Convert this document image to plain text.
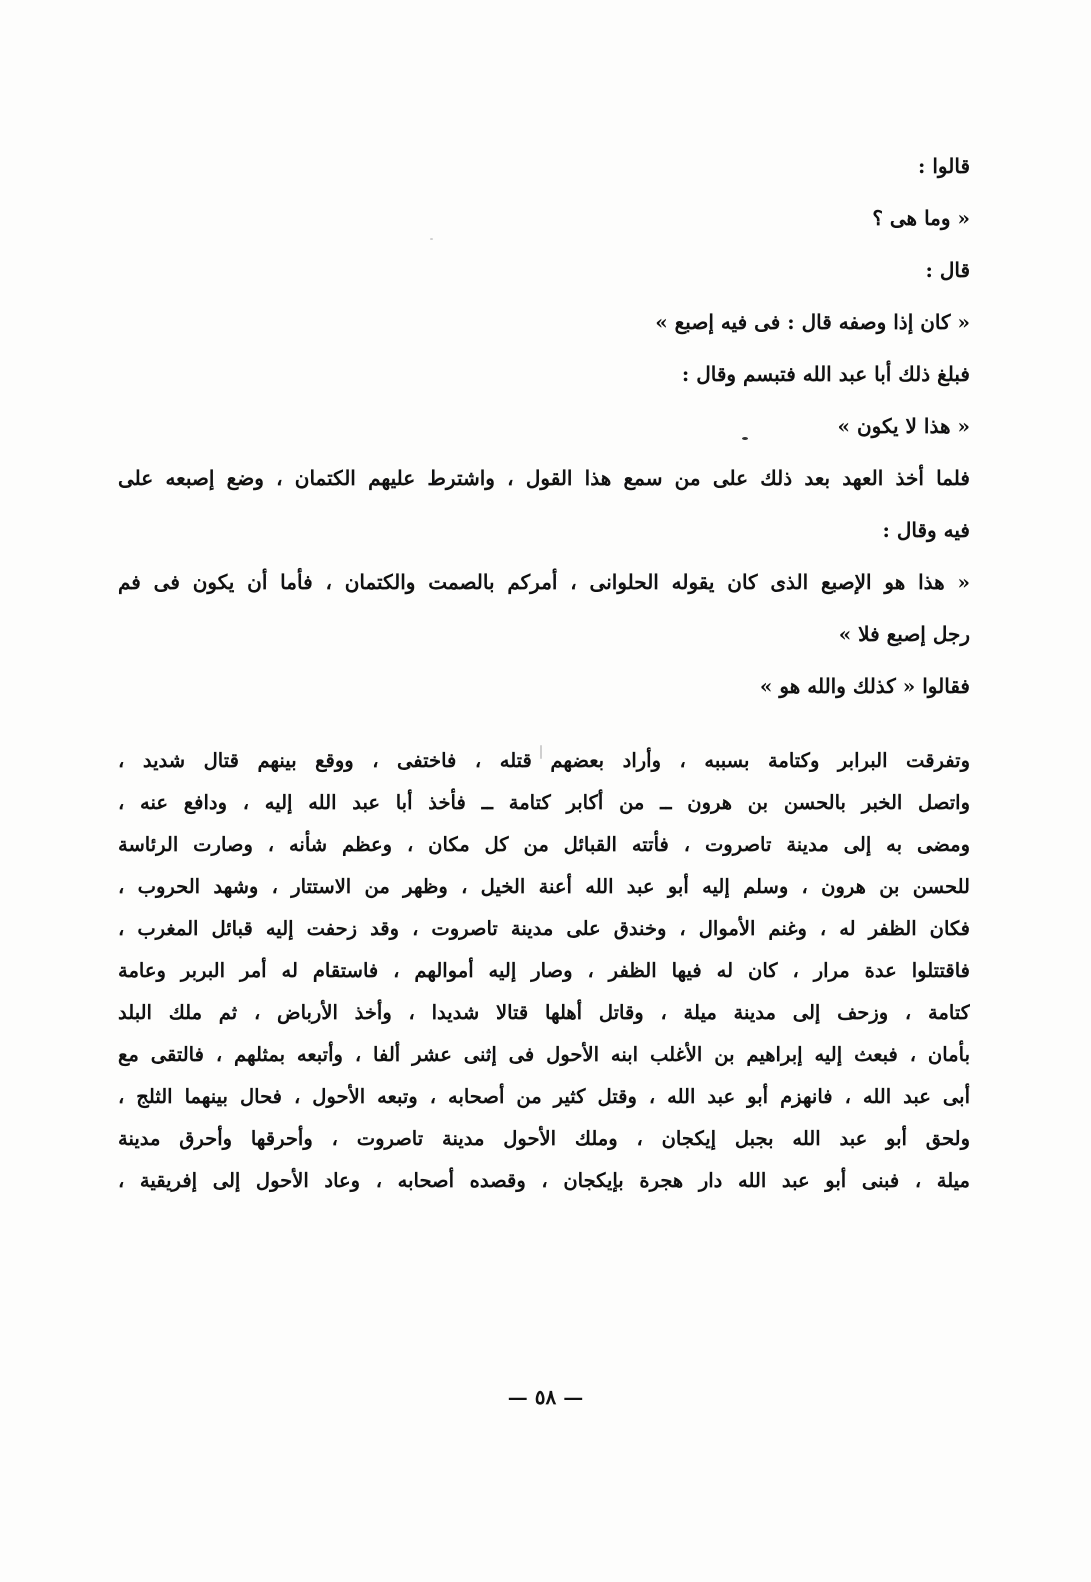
قالوا :
« وما هى ؟
قال :
« كان إذا وصفه قال : فى فيه إصبع »
فبلغ ذلك أبا عبد الله فتبسم وقال :
« هذا لا يكون »
فلما أخذ العهد بعد ذلك على من سمع هذا القول ، واشترط عليهم الكتمان ، وضع إصبعه على
فيه وقال :
« هذا هو الإصبع الذى كان يقوله الحلوانى ، أمركم بالصمت والكتمان ، فأما أن يكون فى فم
رجل إصبع فلا »
فقالوا « كذلك والله هو »
وتفرقت البرابر وكتامة بسببه ، وأراد بعضهم قتله ، فاختفى ، ووقع بينهم قتال شديد ،
واتصل الخبر بالحسن بن هرون ــ من أكابر كتامة ــ فأخذ أبا عبد الله إليه ، ودافع عنه ،
ومضى به إلى مدينة تاصروت ، فأتته القبائل من كل مكان ، وعظم شأنه ، وصارت الرئاسة
للحسن بن هرون ، وسلم إليه أبو عبد الله أعنة الخيل ، وظهر من الاستتار ، وشهد الحروب ،
فكان الظفر له ، وغنم الأموال ، وخندق على مدينة تاصروت ، وقد زحفت إليه قبائل المغرب ،
فاقتتلوا عدة مرار ، كان له فيها الظفر ، وصار إليه أموالهم ، فاستقام له أمر البربر وعامة
كتامة ، وزحف إلى مدينة ميلة ، وقاتل أهلها قتالا شديدا ، وأخذ الأرباض ، ثم ملك البلد
بأمان ، فبعث إليه إبراهيم بن الأغلب ابنه الأحول فى إثنى عشر ألفا ، وأتبعه بمثلهم ، فالتقى مع
أبى عبد الله ، فانهزم أبو عبد الله ، وقتل كثير من أصحابه ، وتبعه الأحول ، فحال بينهما الثلج ،
ولحق أبو عبد الله بجبل إيكجان ، وملك الأحول مدينة تاصروت ، وأحرقها وأحرق مدينة
ميلة ، فبنى أبو عبد الله دار هجرة بإيكجان ، وقصده أصحابه ، وعاد الأحول إلى إفريقية ،
— ٥٨ —
